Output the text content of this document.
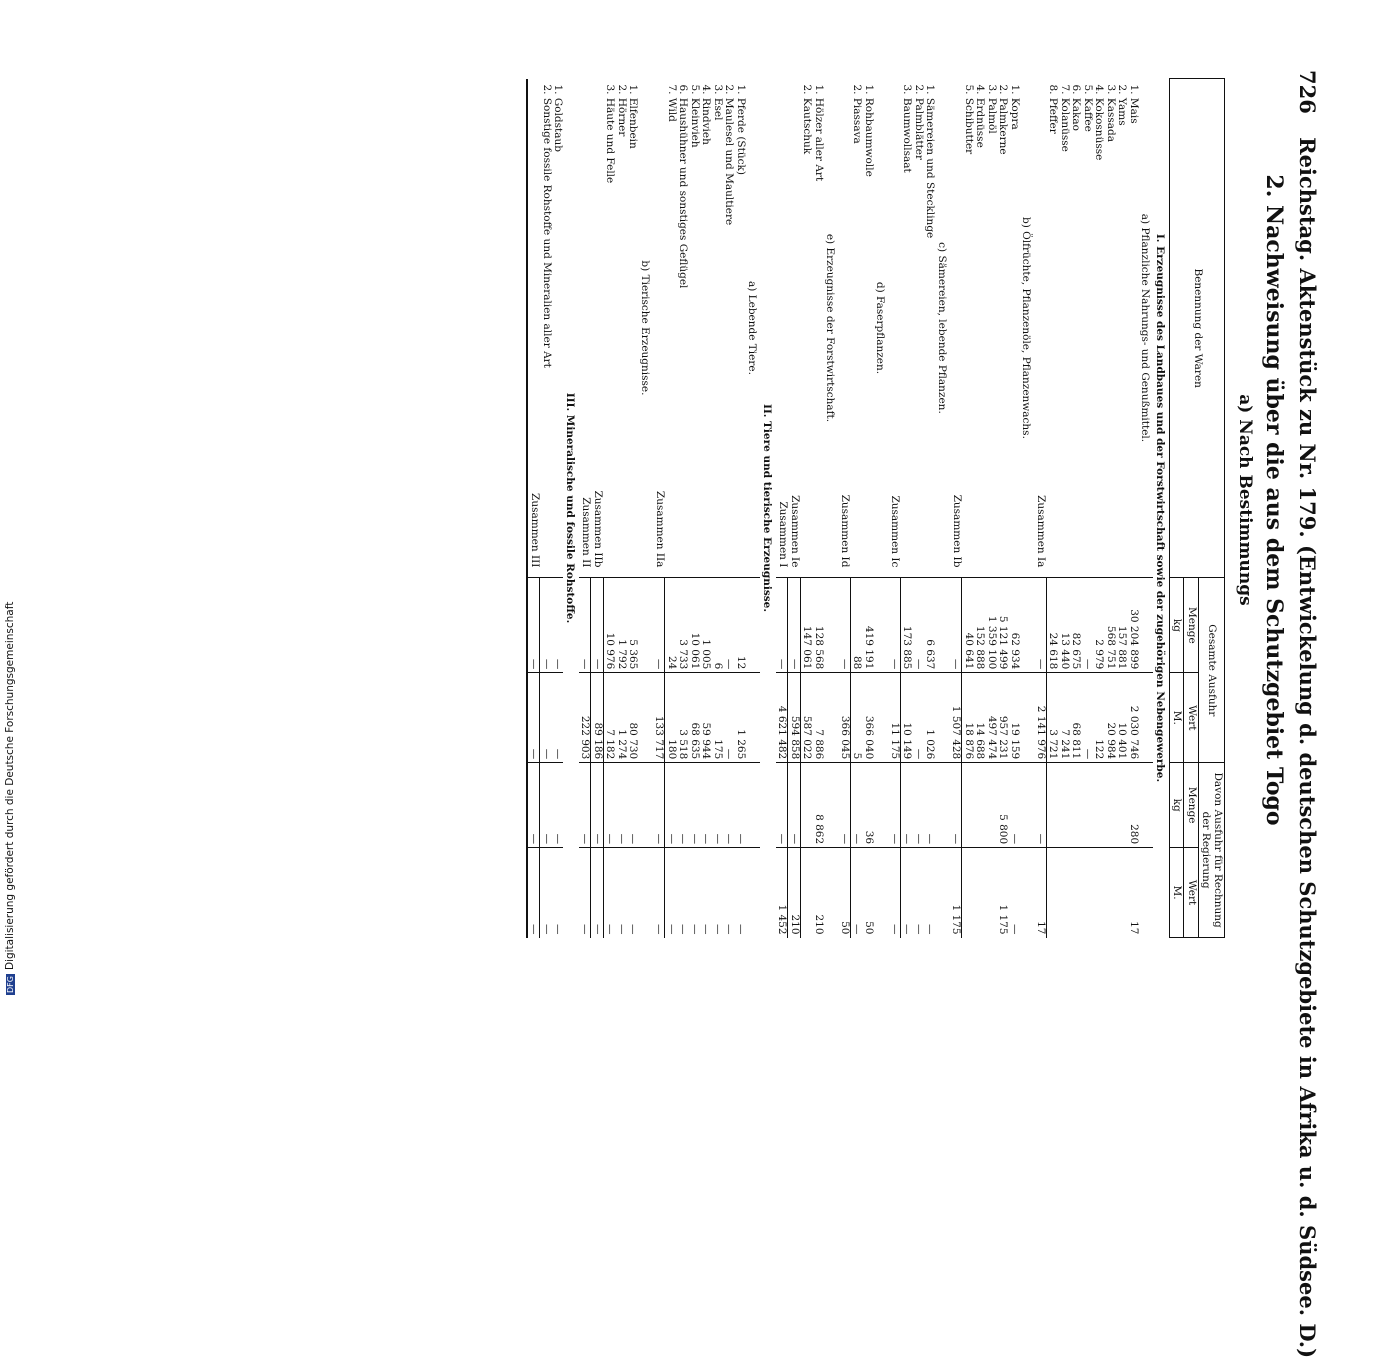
726 Reichstag. Aktenstück zu Nr. 179. (Entwickelung d. deutschen Schutzgebiete in Afrika u. d. Südsee. D.)
2. Nachweisung über die aus dem Schutzgebiet Togo
a) Nach Bestimmungs
Benennung der Waren	Gesamte Ausfuhr		Davon Ausfuhr für Rechnung der Regierung	
	Menge	Wert	Menge	Wert
	kg	M.	kg	M.
I. Erzeugnisse des Landbaues und der Forstwirtschaft sowie der zugehörigen Nebengewerbe.				
a) Pflanzliche Nahrungs- und Genußmittel.				
1. Mais	30 204 899	2 030 746	280	17
2. Yams	157 881	10 401		
3. Kassada	568 751	20 984		
4. Kokosnüsse	2 979	122		
5. Kaffee	—	—		
6. Kakao	82 675	68 811		
7. Kolanüsse	13 440	7 241		
8. Pfeffer	24 618	3 721		
Zusammen Ia	—	2 141 976	—	17
b) Ölfrüchte, Pflanzenöle, Pflanzenwachs.				
1. Kopra	62 934	19 159	—	—
2. Palmkerne	5 121 499	957 231	5 800	1 175
3. Palmöl	1 359 100	497 474		
4. Erdnüsse	152 888	14 688		
5. Schibutter	40 641	18 876		
Zusammen Ib	—	1 507 428	—	1 175
c) Sämereien, lebende Pflanzen.				
1. Sämereien und Stecklinge	6 637	1 026	—	—
2. Palmblätter	—	—	—	—
3. Baumwollsaat	173 885	10 149	—	—
Zusammen Ic	—	11 175	—	—
d) Faserpflanzen.				
1. Rohbaumwolle	419 191	366 040	36	50
2. Piassava	88	5	—	—
Zusammen Id	—	366 045	—	50
e) Erzeugnisse der Forstwirtschaft.				
1. Hölzer aller Art	128 568	7 886	8 862	210
2. Kautschuk	147 061	587 022		
Zusammen Ie	—	594 858	—	210
Zusammen I	—	4 621 482	—	1 452
II. Tiere und tierische Erzeugnisse.				
a) Lebende Tiere.				
1. Pferde (Stück)	12	1 265	—	—
2. Maulesel und Maultiere	—	—	—	—
3. Esel	6	175	—	—
4. Rindvieh	1 005	59 944	—	—
5. Kleinvieh	10 061	68 635	—	—
6. Haushühner und sonstiges Geflügel	3 733	3 518	—	—
7. Wild	24	180	—	—
Zusammen IIa	—	133 717	—	—
b) Tierische Erzeugnisse.				
1. Elfenbein	5 365	80 730	—	—
2. Hörner	1 792	1 274	—	—
3. Häute und Felle	10 976	7 182	—	—
Zusammen IIb	—	89 186	—	—
Zusammen II	—	222 903	—	—
III. Mineralische und fossile Rohstoffe.				
1. Goldstaub	—	—	—	—
2. Sonstige fossile Rohstoffe und Mineralien aller Art	—	—	—	—
Zusammen III	—	—	—	—
DFGDigitalisierung gefördert durch die Deutsche Forschungsgemeinschaft
